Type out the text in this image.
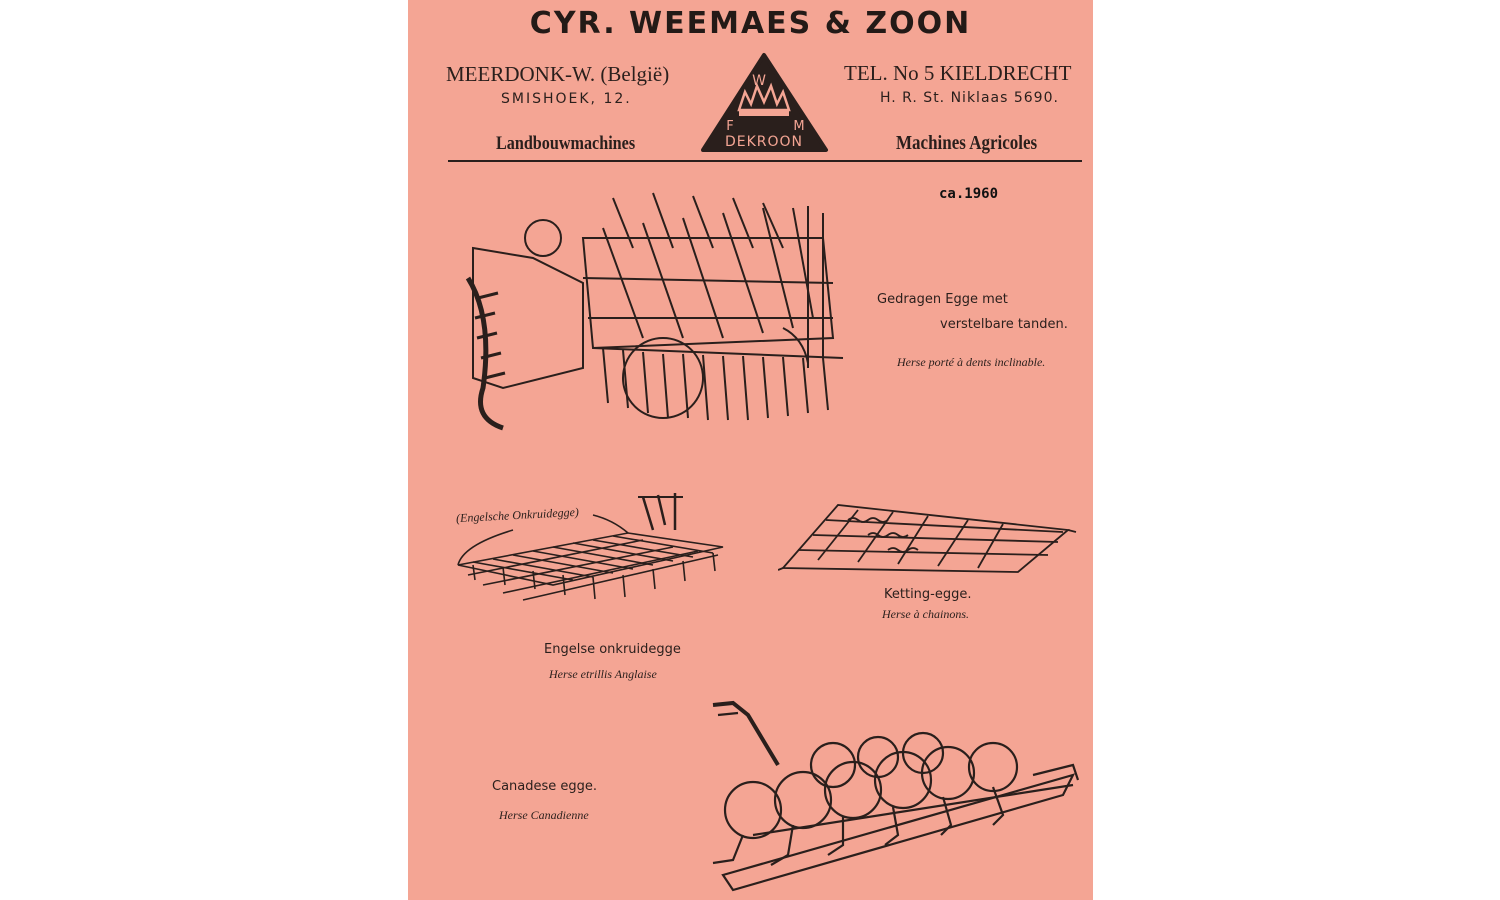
CYR. WEEMAES & ZOON
MEERDONK-W. (België)
SMISHOEK, 12.
TEL. No 5 KIELDRECHT
H. R. St. Niklaas 5690.
Landbouwmachines	Machines Agricoles
W
F	M
DEKROON
ca.1960
Gedragen Egge met
verstelbare tanden.
Herse porté à dents inclinable.
(Engelsche Onkruidegge)
Engelse onkruidegge
Herse etrillis Anglaise
Ketting-egge.
Herse à chainons.
Canadese egge.
Herse Canadienne
